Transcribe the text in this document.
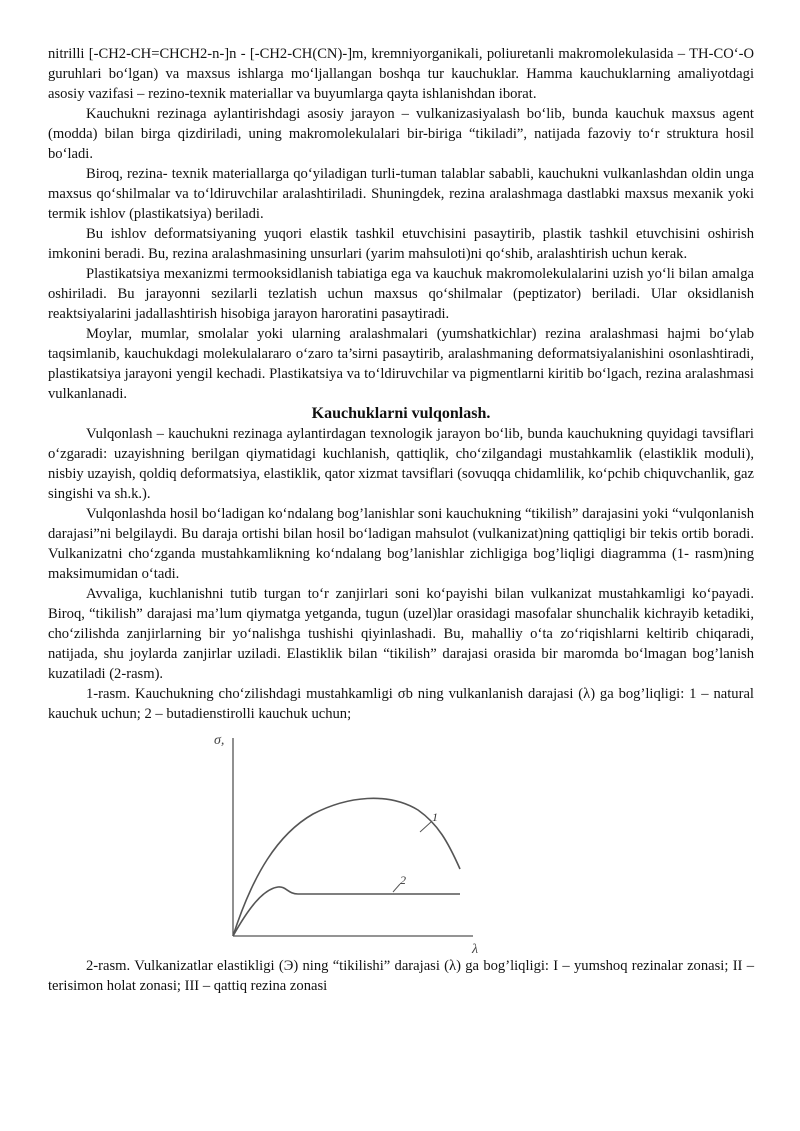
nitrilli [-CH2-CH=CHCH2-n-]n - [-CH2-CH(CN)-]m, kremniyorganikali, poliuretanli makromolekulasida – TH-CO‘-O guruhlari bo‘lgan) va maxsus ishlarga mo‘ljallangan boshqa tur kauchuklar. Hamma kauchuklarning amaliyotdagi asosiy vazifasi – rezino-texnik materiallar va buyumlarga qayta ishlanishdan iborat.

Kauchukni rezinaga aylantirishdagi asosiy jarayon – vulkanizasiyalash bo‘lib, bunda kauchuk maxsus agent (modda) bilan birga qizdiriladi, uning makromolekulalari bir-biriga “tikiladi”, natijada fazoviy to‘r struktura hosil bo‘ladi.

Biroq, rezina- texnik materiallarga qo‘yiladigan turli-tuman talablar sababli, kauchukni vulkanlashdan oldin unga maxsus qo‘shilmalar va to‘ldiruvchilar aralashtiriladi. Shuningdek, rezina aralashmaga dastlabki maxsus mexanik yoki termik ishlov (plastikatsiya) beriladi.

Bu ishlov deformatsiyaning yuqori elastik tashkil etuvchisini pasaytirib, plastik tashkil etuvchisini oshirish imkonini beradi. Bu, rezina aralashmasining unsurlari (yarim mahsuloti)ni qo‘shib, aralashtirish uchun kerak.

Plastikatsiya mexanizmi termooksidlanish tabiatiga ega va kauchuk makromolekulalarini uzish yo‘li bilan amalga oshiriladi. Bu jarayonni sezilarli tezlatish uchun maxsus qo‘shilmalar (peptizator) beriladi. Ular oksidlanish reaktsiyalarini jadallashtirish hisobiga jarayon haroratini pasaytiradi.

Moylar, mumlar, smolalar yoki ularning aralashmalari (yumshatkichlar) rezina aralashmasi hajmi bo‘ylab taqsimlanib, kauchukdagi molekulalararo o‘zaro ta’sirni pasaytirib, aralashmaning deformatsiyalanishini osonlashtiradi, plastikatsiya jarayoni yengil kechadi. Plastikatsiya va to‘ldiruvchilar va pigmentlarni kiritib bo‘lgach, rezina aralashmasi vulkanlanadi.

Kauchuklarni vulqonlash.

Vulqonlash – kauchukni rezinaga aylantirdagan texnologik jarayon bo‘lib, bunda kauchukning quyidagi tavsiflari o‘zgaradi: uzayishning berilgan qiymatidagi kuchlanish, qattiqlik, cho‘zilgandagi mustahkamlik (elastiklik moduli), nisbiy uzayish, qoldiq deformatsiya, elastiklik, qator xizmat tavsiflari (sovuqqa chidamlilik, ko‘pchib chiquvchanlik, gaz singishi va sh.k.).

Vulqonlashda hosil bo‘ladigan ko‘ndalang bog’lanishlar soni kauchukning “tikilish” darajasini yoki “vulqonlanish darajasi”ni belgilaydi. Bu daraja ortishi bilan hosil bo‘ladigan mahsulot (vulkanizat)ning qattiqligi bir tekis ortib boradi. Vulkanizatni cho‘zganda mustahkamlikning ko‘ndalang bog’lanishlar zichligiga bog’liqligi diagramma (1- rasm)ning maksimumidan o‘tadi.

Avvaliga, kuchlanishni tutib turgan to‘r zanjirlari soni ko‘payishi bilan vulkanizat mustahkamligi ko‘payadi. Biroq, “tikilish” darajasi ma’lum qiymatga yetganda, tugun (uzel)lar orasidagi masofalar shunchalik kichrayib ketadiki, cho‘zilishda zanjirlarning bir yo‘nalishga tushishi qiyinlashadi. Bu, mahalliy o‘ta zo‘riqishlarni keltirib chiqaradi, natijada, shu joylarda zanjirlar uziladi. Elastiklik bilan “tikilish” darajasi orasida bir maromda bo‘lmagan bog’lanish kuzatiladi (2-rasm).

1-rasm. Kauchukning cho‘zilishdagi mustahkamligi σb ning vulkanlanish darajasi (λ) ga bog’liqligi: 1 – natural kauchuk uchun; 2 – butadienstirolli kauchuk uchun;

σ,
λ
1
2

2-rasm. Vulkanizatlar elastikligi (Э) ning “tikilishi” darajasi (λ) ga bog’liqligi: I – yumshoq rezinalar zonasi; II – terisimon holat zonasi; III – qattiq rezina zonasi
